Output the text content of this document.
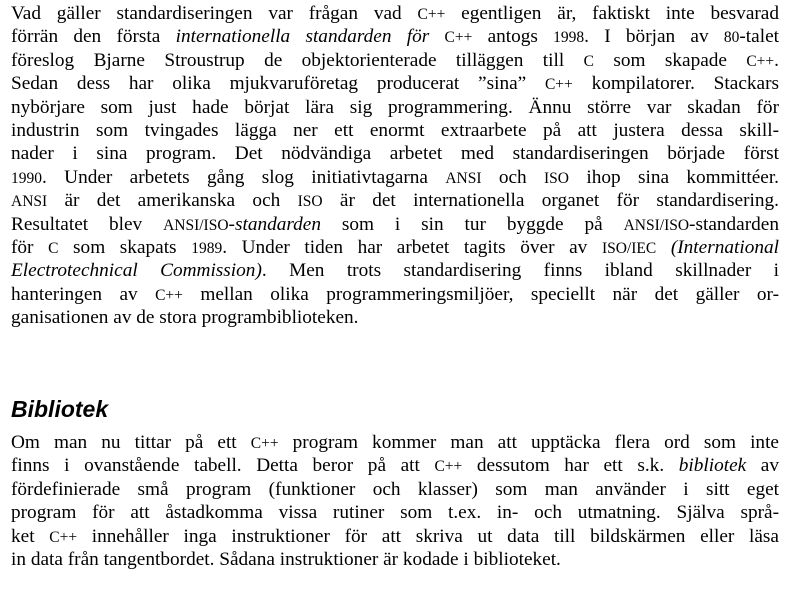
Vad gäller standardiseringen var frågan vad C++ egentligen är, faktiskt inte besvarad
förrän den första internationella standarden för C++ antogs 1998. I början av 80-talet
föreslog Bjarne Stroustrup de objektorienterade tilläggen till C som skapade C++.
Sedan dess har olika mjukvaruföretag producerat ”sina” C++ kompilatorer. Stackars
nybörjare som just hade börjat lära sig programmering. Ännu större var skadan för
industrin som tvingades lägga ner ett enormt extraarbete på att justera dessa skill-
nader i sina program. Det nödvändiga arbetet med standardiseringen började först
1990. Under arbetets gång slog initiativtagarna ANSI och ISO ihop sina kommittéer.
ANSI är det amerikanska och ISO är det internationella organet för standardisering.
Resultatet blev ANSI/ISO-standarden som i sin tur byggde på ANSI/ISO-standarden
för C som skapats 1989. Under tiden har arbetet tagits över av ISO/IEC (International
Electrotechnical Commission). Men trots standardisering finns ibland skillnader i
hanteringen av C++ mellan olika programmeringsmiljöer, speciellt när det gäller or-
ganisationen av de stora programbiblioteken.
Bibliotek
Om man nu tittar på ett C++ program kommer man att upptäcka flera ord som inte
finns i ovanstående tabell. Detta beror på att C++ dessutom har ett s.k. bibliotek av
fördefinierade små program (funktioner och klasser) som man använder i sitt eget
program för att åstadkomma vissa rutiner som t.ex. in- och utmatning. Själva språ-
ket C++ innehåller inga instruktioner för att skriva ut data till bildskärmen eller läsa
in data från tangentbordet. Sådana instruktioner är kodade i biblioteket.
